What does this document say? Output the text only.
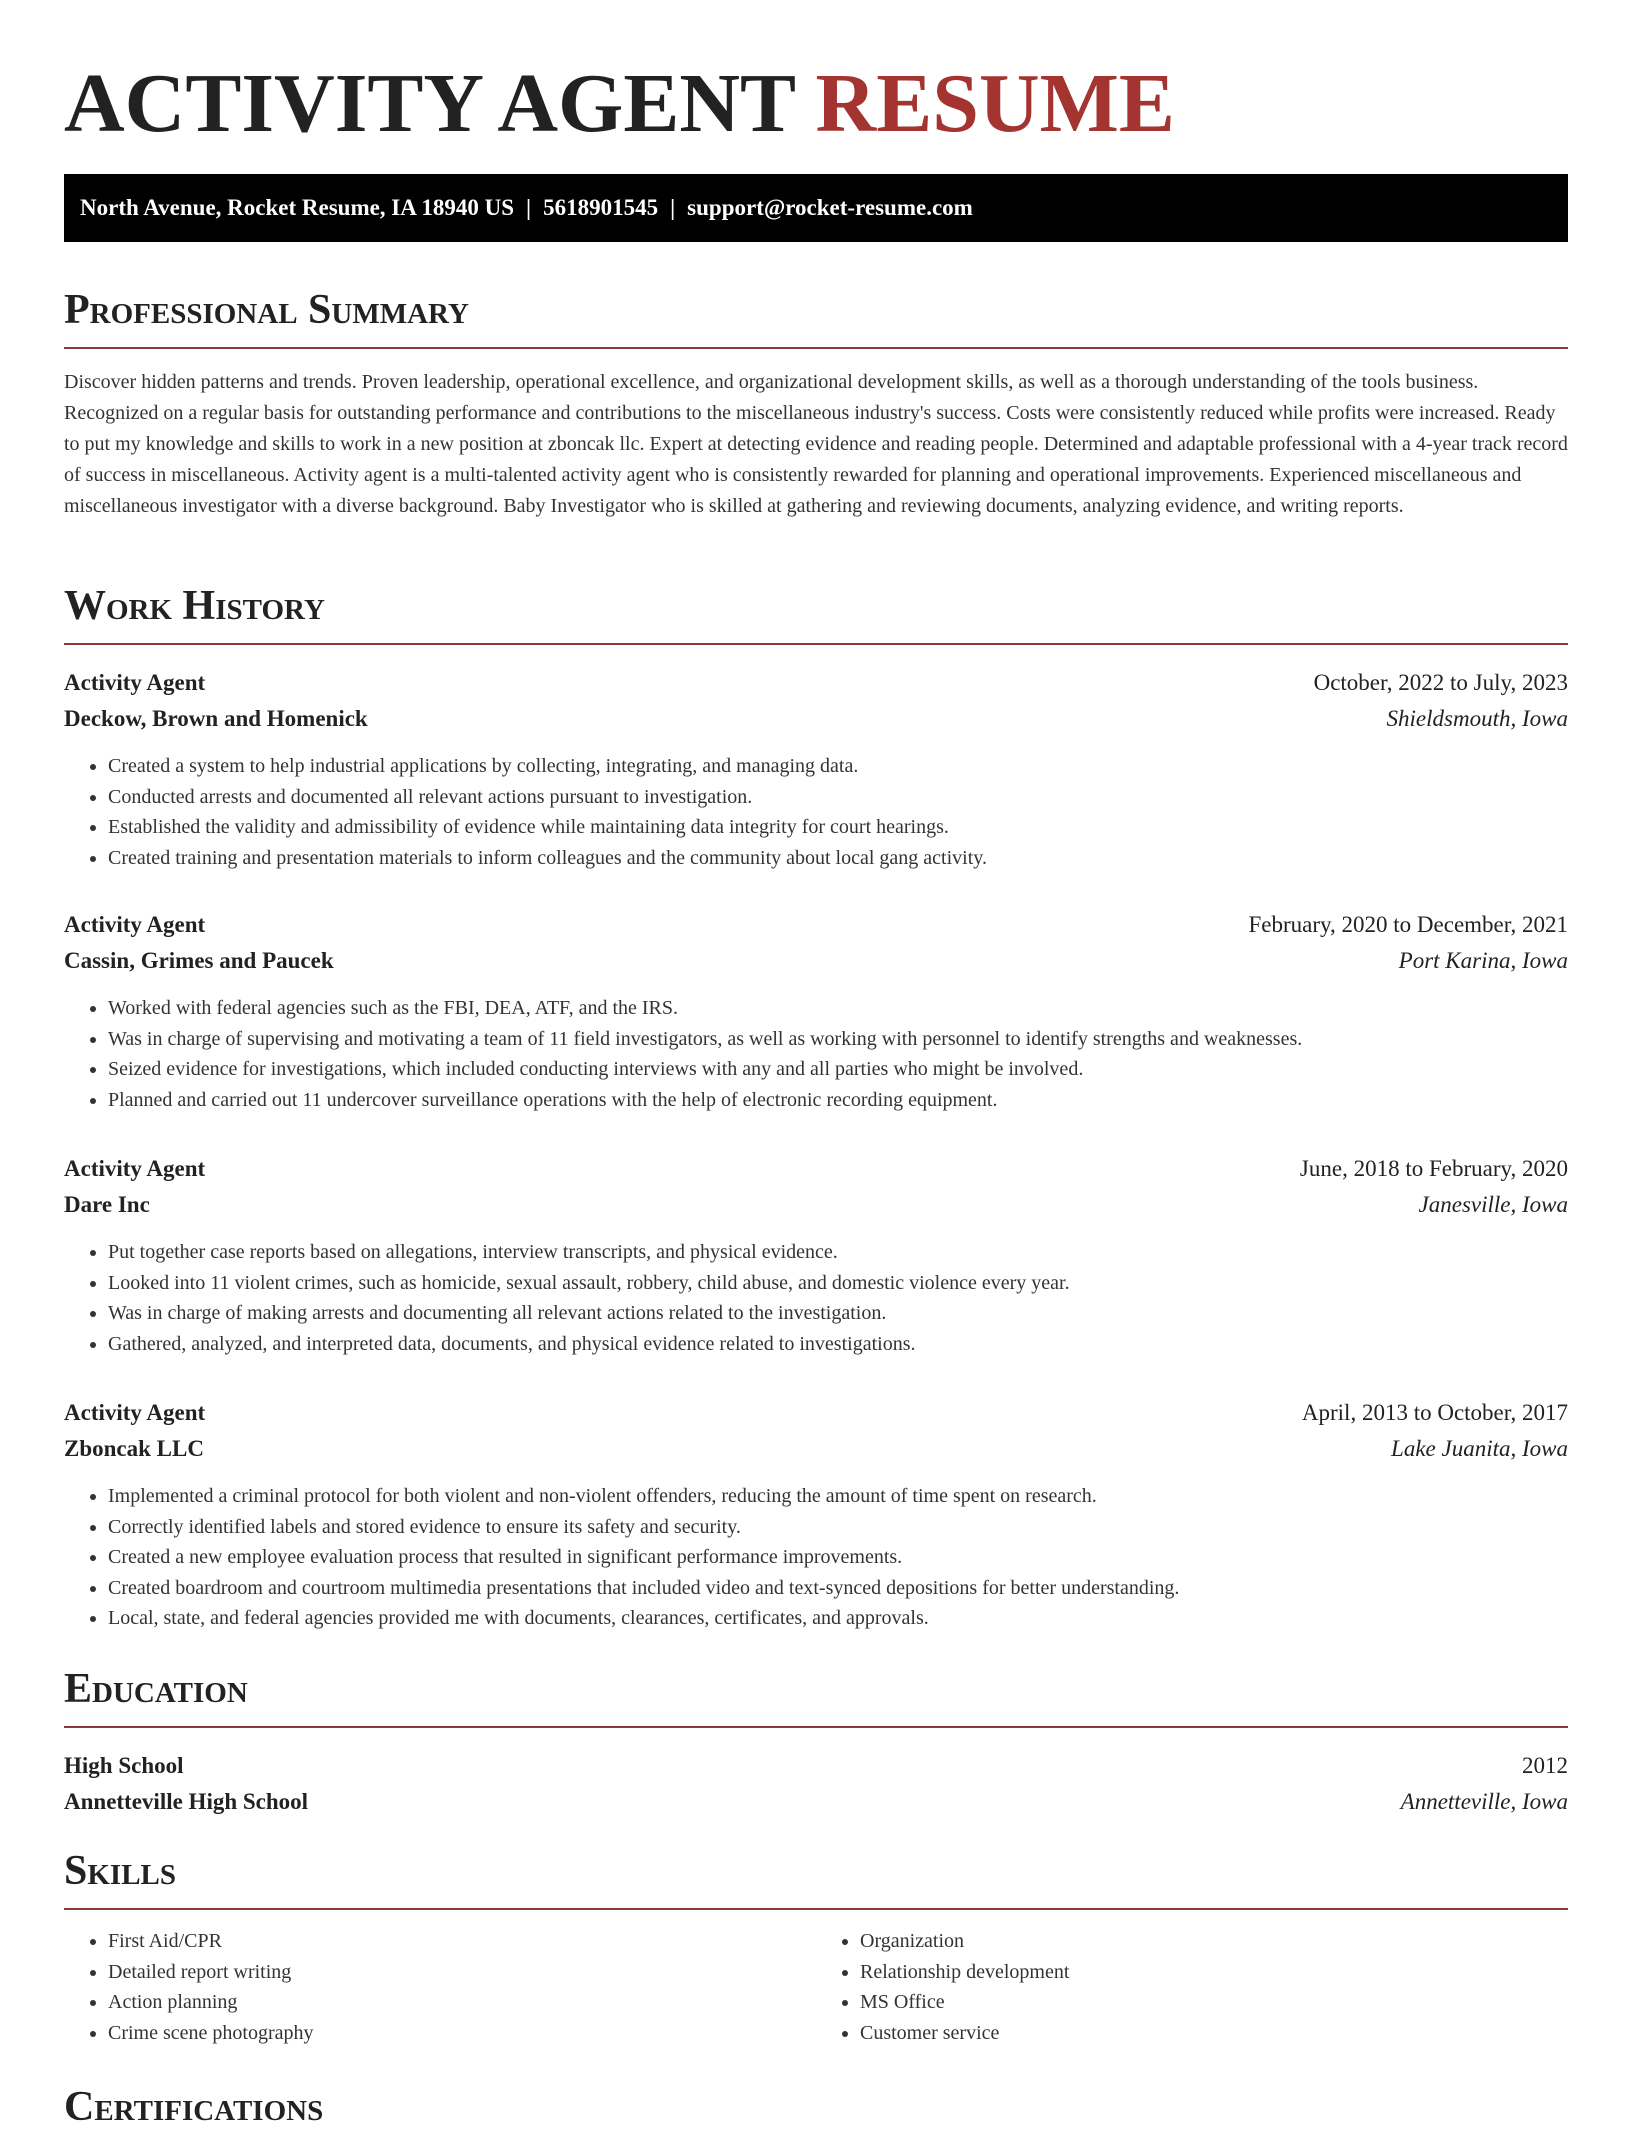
ACTIVITY AGENT RESUME
North Avenue, Rocket Resume, IA 18940 US | 5618901545 | support@rocket-resume.com
Professional Summary

Discover hidden patterns and trends. Proven leadership, operational excellence, and organizational development skills, as well as a thorough understanding of the tools business. Recognized on a regular basis for outstanding performance and contributions to the miscellaneous industry's success. Costs were consistently reduced while profits were increased. Ready to put my knowledge and skills to work in a new position at zboncak llc. Expert at detecting evidence and reading people. Determined and adaptable professional with a 4-year track record of success in miscellaneous. Activity agent is a multi-talented activity agent who is consistently rewarded for planning and operational improvements. Experienced miscellaneous and miscellaneous investigator with a diverse background. Baby Investigator who is skilled at gathering and reviewing documents, analyzing evidence, and writing reports.

Work History
Activity Agent	October, 2022 to July, 2023
Deckow, Brown and Homenick	Shieldsmouth, Iowa
• Created a system to help industrial applications by collecting, integrating, and managing data.
• Conducted arrests and documented all relevant actions pursuant to investigation.
• Established the validity and admissibility of evidence while maintaining data integrity for court hearings.
• Created training and presentation materials to inform colleagues and the community about local gang activity.
Activity Agent	February, 2020 to December, 2021
Cassin, Grimes and Paucek	Port Karina, Iowa
• Worked with federal agencies such as the FBI, DEA, ATF, and the IRS.
• Was in charge of supervising and motivating a team of 11 field investigators, as well as working with personnel to identify strengths and weaknesses.
• Seized evidence for investigations, which included conducting interviews with any and all parties who might be involved.
• Planned and carried out 11 undercover surveillance operations with the help of electronic recording equipment.
Activity Agent	June, 2018 to February, 2020
Dare Inc	Janesville, Iowa
• Put together case reports based on allegations, interview transcripts, and physical evidence.
• Looked into 11 violent crimes, such as homicide, sexual assault, robbery, child abuse, and domestic violence every year.
• Was in charge of making arrests and documenting all relevant actions related to the investigation.
• Gathered, analyzed, and interpreted data, documents, and physical evidence related to investigations.
Activity Agent	April, 2013 to October, 2017
Zboncak LLC	Lake Juanita, Iowa
• Implemented a criminal protocol for both violent and non-violent offenders, reducing the amount of time spent on research.
• Correctly identified labels and stored evidence to ensure its safety and security.
• Created a new employee evaluation process that resulted in significant performance improvements.
• Created boardroom and courtroom multimedia presentations that included video and text-synced depositions for better understanding.
• Local, state, and federal agencies provided me with documents, clearances, certificates, and approvals.
Education
High School	2012
Annetteville High School	Annetteville, Iowa
Skills
• First Aid/CPR
• Detailed report writing
• Action planning
• Crime scene photography
• Organization
• Relationship development
• MS Office
• Customer service
Certifications
